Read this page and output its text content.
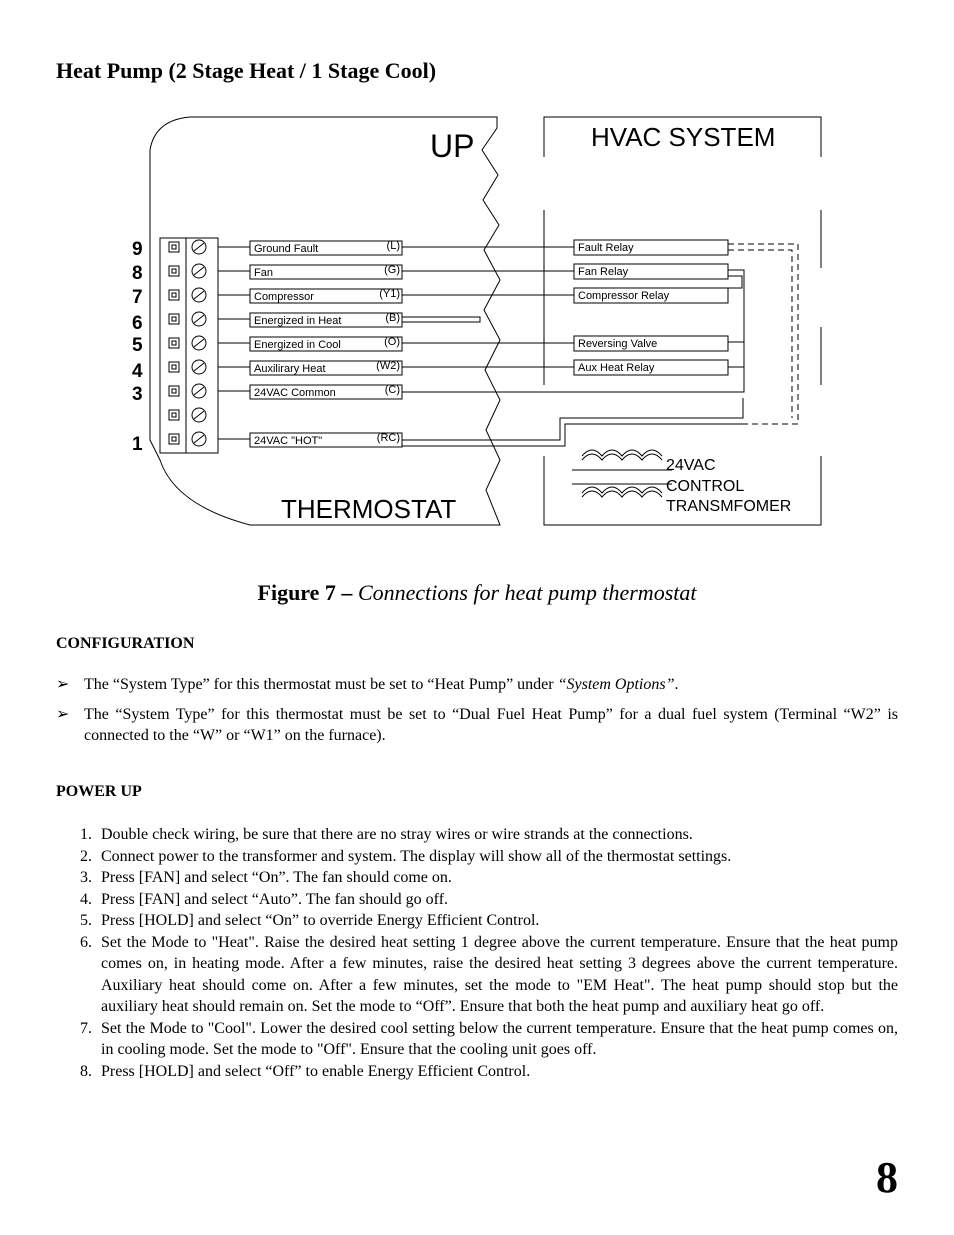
Heat Pump (2 Stage Heat / 1 Stage Cool)
UP
THERMOSTAT
HVAC SYSTEM
9
8
7
6
5
4
3
1
Ground Fault	(L)
Fan	(G)
Compressor	(Y1)
Energized in Heat	(B)
Energized in Cool	(O)
Auxilirary Heat	(W2)
24VAC Common	(C)
24VAC "HOT"	(RC)
Fault Relay
Fan Relay
Compressor Relay
Reversing Valve
Aux Heat Relay
24VAC
CONTROL
TRANSMFOMER
Figure 7 – Connections for heat pump thermostat
CONFIGURATION
➢ The “System Type” for this thermostat must be set to “Heat Pump” under “System Options”.
➢ The “System Type” for this thermostat must be set to “Dual Fuel Heat Pump” for a dual fuel system (Terminal “W2” is connected to the “W” or “W1” on the furnace).
POWER UP
1. Double check wiring, be sure that there are no stray wires or wire strands at the connections.
2. Connect power to the transformer and system. The display will show all of the thermostat settings.
3. Press [FAN] and select “On”. The fan should come on.
4. Press [FAN] and select “Auto”. The fan should go off.
5. Press [HOLD] and select “On” to override Energy Efficient Control.
6. Set the Mode to "Heat". Raise the desired heat setting 1 degree above the current temperature. Ensure that the heat pump comes on, in heating mode. After a few minutes, raise the desired heat setting 3 degrees above the current temperature. Auxiliary heat should come on. After a few minutes, set the mode to "EM Heat". The heat pump should stop but the auxiliary heat should remain on. Set the mode to “Off”. Ensure that both the heat pump and auxiliary heat go off.
7. Set the Mode to "Cool". Lower the desired cool setting below the current temperature. Ensure that the heat pump comes on, in cooling mode. Set the mode to "Off". Ensure that the cooling unit goes off.
8. Press [HOLD] and select “Off” to enable Energy Efficient Control.
8
